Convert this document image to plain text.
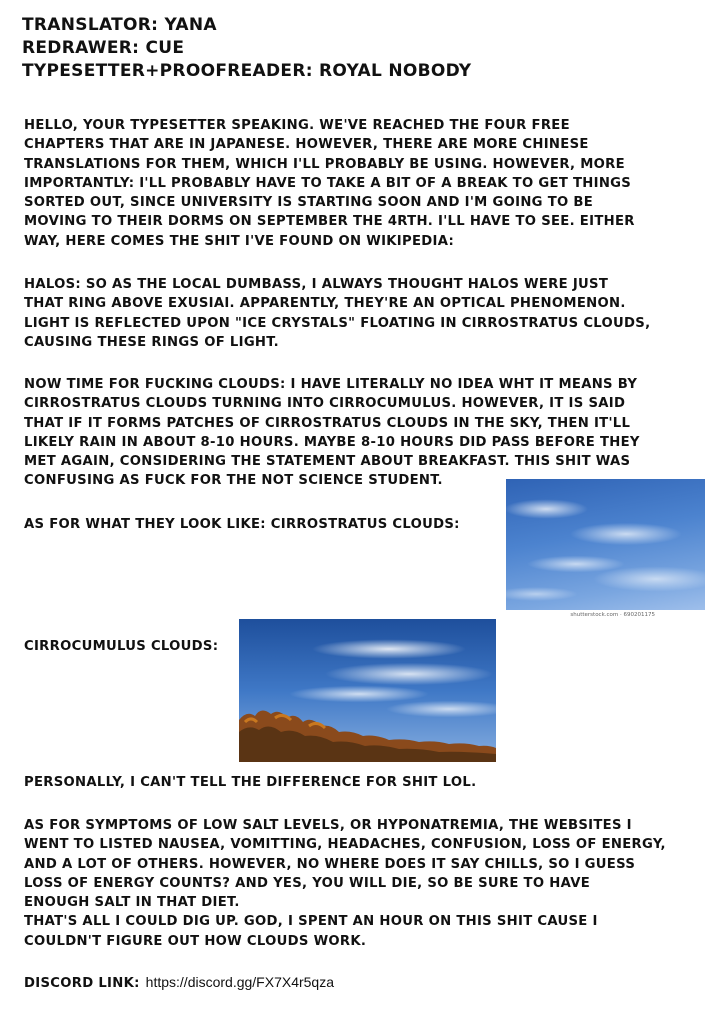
TRANSLATOR: YANA
REDRAWER: CUE
TYPESETTER+PROOFREADER: ROYAL NOBODY
HELLO, YOUR TYPESETTER SPEAKING. WE'VE REACHED THE FOUR FREE
CHAPTERS THAT ARE IN JAPANESE. HOWEVER, THERE ARE MORE CHINESE
TRANSLATIONS FOR THEM, WHICH I'LL PROBABLY BE USING. HOWEVER, MORE
IMPORTANTLY: I'LL PROBABLY HAVE TO TAKE A BIT OF A BREAK TO GET THINGS
SORTED OUT, SINCE UNIVERSITY IS STARTING SOON AND I'M GOING TO BE
MOVING TO THEIR DORMS ON SEPTEMBER THE 4RTH. I'LL HAVE TO SEE. EITHER
WAY, HERE COMES THE SHIT I'VE FOUND ON WIKIPEDIA:
HALOS: SO AS THE LOCAL DUMBASS, I ALWAYS THOUGHT HALOS WERE JUST
THAT RING ABOVE EXUSIAI. APPARENTLY, THEY'RE AN OPTICAL PHENOMENON.
LIGHT IS REFLECTED UPON "ICE CRYSTALS" FLOATING IN CIRROSTRATUS CLOUDS,
CAUSING THESE RINGS OF LIGHT.
NOW TIME FOR FUCKING CLOUDS: I HAVE LITERALLY NO IDEA WHT IT MEANS BY
CIRROSTRATUS CLOUDS TURNING INTO CIRROCUMULUS. HOWEVER, IT IS SAID
THAT IF IT FORMS PATCHES OF CIRROSTRATUS CLOUDS IN THE SKY, THEN IT'LL
LIKELY RAIN IN ABOUT 8-10 HOURS. MAYBE 8-10 HOURS DID PASS BEFORE THEY
MET AGAIN, CONSIDERING THE STATEMENT ABOUT BREAKFAST. THIS SHIT WAS
CONFUSING AS FUCK FOR THE NOT SCIENCE STUDENT.
AS FOR WHAT THEY LOOK LIKE: CIRROSTRATUS CLOUDS:
shutterstock.com · 690201175
CIRROCUMULUS CLOUDS:
PERSONALLY, I CAN'T TELL THE DIFFERENCE FOR SHIT LOL.
AS FOR SYMPTOMS OF LOW SALT LEVELS, OR HYPONATREMIA, THE WEBSITES I
WENT TO LISTED NAUSEA, VOMITTING, HEADACHES, CONFUSION, LOSS OF ENERGY,
AND A LOT OF OTHERS. HOWEVER, NO WHERE DOES IT SAY CHILLS, SO I GUESS
LOSS OF ENERGY COUNTS? AND YES, YOU WILL DIE, SO BE SURE TO HAVE
ENOUGH SALT IN THAT DIET.
THAT'S ALL I COULD DIG UP. GOD, I SPENT AN HOUR ON THIS SHIT CAUSE I
COULDN'T FIGURE OUT HOW CLOUDS WORK.
DISCORD LINK: https://discord.gg/FX7X4r5qza
